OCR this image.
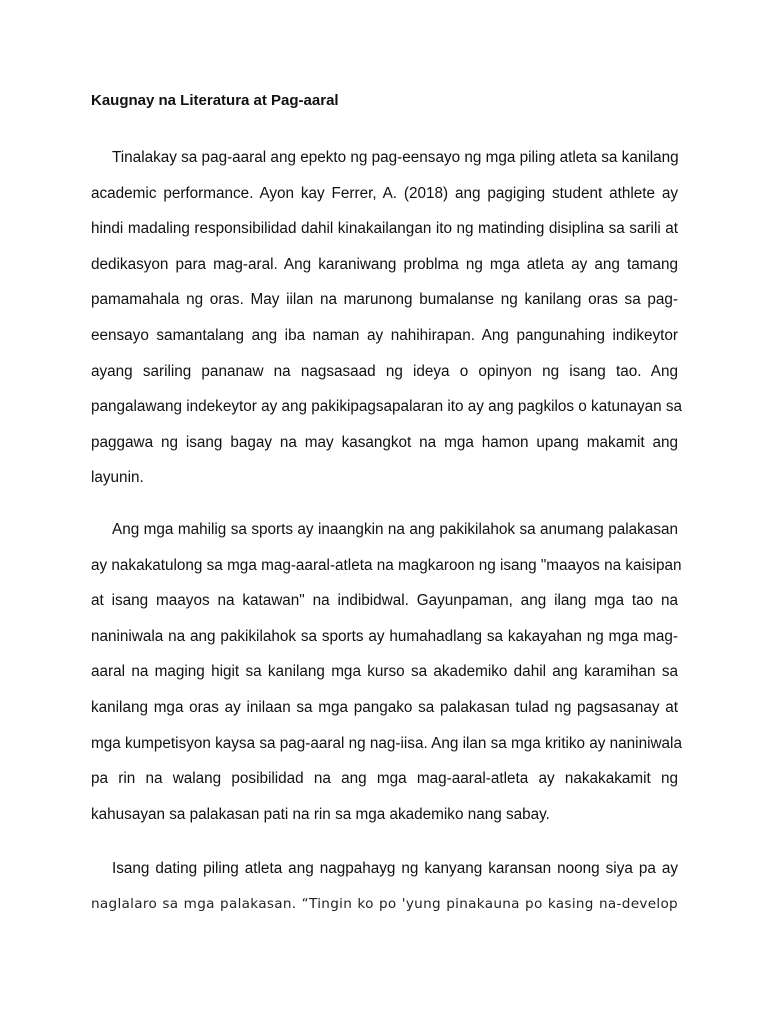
Kaugnay na Literatura at Pag-aaral
Tinalakay sa pag-aaral ang epekto ng pag-eensayo ng mga piling atleta sa kanilang
academic performance. Ayon kay Ferrer, A. (2018) ang pagiging student athlete ay
hindi madaling responsibilidad dahil kinakailangan ito ng matinding disiplina sa sarili at
dedikasyon para mag-aral. Ang karaniwang problma ng mga atleta ay ang tamang
pamamahala ng oras. May iilan na marunong bumalanse ng kanilang oras sa pag-
eensayo samantalang ang iba naman ay nahihirapan. Ang pangunahing indikeytor
ayang sariling pananaw na nagsasaad ng ideya o opinyon ng isang tao. Ang
pangalawang indekeytor ay ang pakikipagsapalaran ito ay ang pagkilos o katunayan sa
paggawa ng isang bagay na may kasangkot na mga hamon upang makamit ang
layunin.
Ang mga mahilig sa sports ay inaangkin na ang pakikilahok sa anumang palakasan
ay nakakatulong sa mga mag-aaral-atleta na magkaroon ng isang "maayos na kaisipan
at isang maayos na katawan" na indibidwal. Gayunpaman, ang ilang mga tao na
naniniwala na ang pakikilahok sa sports ay humahadlang sa kakayahan ng mga mag-
aaral na maging higit sa kanilang mga kurso sa akademiko dahil ang karamihan sa
kanilang mga oras ay inilaan sa mga pangako sa palakasan tulad ng pagsasanay at
mga kumpetisyon kaysa sa pag-aaral ng nag-iisa. Ang ilan sa mga kritiko ay naniniwala
pa rin na walang posibilidad na ang mga mag-aaral-atleta ay nakakakamit ng
kahusayan sa palakasan pati na rin sa mga akademiko nang sabay.
Isang dating piling atleta ang nagpahayg ng kanyang karansan noong siya pa ay
naglalaro sa mga palakasan. “Tingin ko po 'yung pinakauna po kasing na-develop
